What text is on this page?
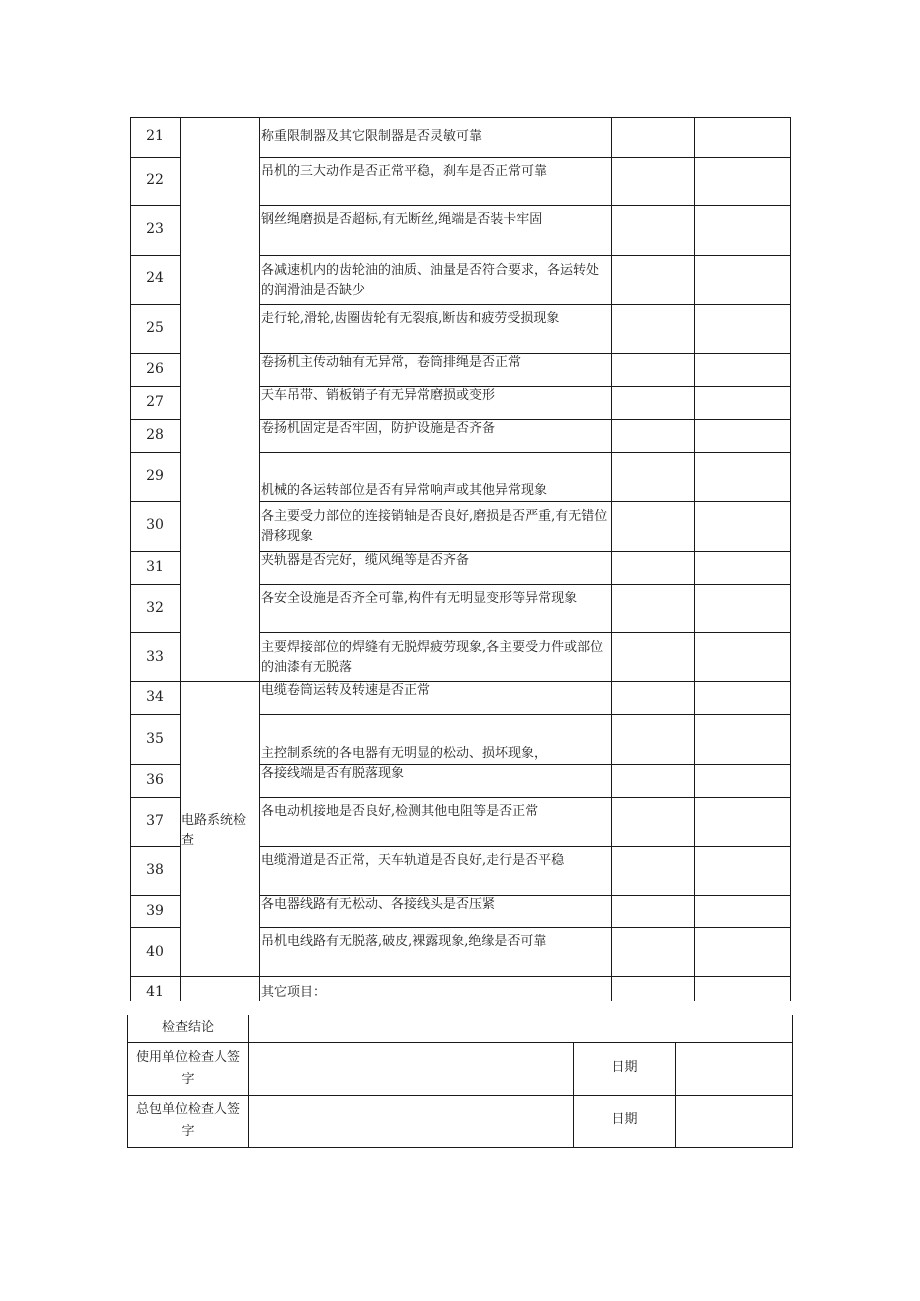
21
22
23
24
25
26
27
28
29
30
31
32
33
34
35
36
37
38
39
40
41
称重限制器及其它限制器是否灵敏可靠
吊机的三大动作是否正常平稳，刹车是否正常可靠
钢丝绳磨损是否超标,有无断丝,绳端是否装卡牢固
各减速机内的齿轮油的油质、油量是否符合要求，各运转处的润滑油是否缺少
走行轮,滑轮,齿圈齿轮有无裂痕,断齿和疲劳受损现象
卷扬机主传动轴有无异常，卷筒排绳是否正常
天车吊带、销板销子有无异常磨损或变形
卷扬机固定是否牢固，防护设施是否齐备
机械的各运转部位是否有异常响声或其他异常现象
各主要受力部位的连接销轴是否良好,磨损是否严重,有无错位滑移现象
夹轨器是否完好，缆风绳等是否齐备
各安全设施是否齐全可靠,构件有无明显变形等异常现象
主要焊接部位的焊缝有无脱焊疲劳现象,各主要受力件或部位的油漆有无脱落
电缆卷筒运转及转速是否正常
主控制系统的各电器有无明显的松动、损坏现象，
各接线端是否有脱落现象
各电动机接地是否良好,检测其他电阻等是否正常
电缆滑道是否正常，天车轨道是否良好,走行是否平稳
各电器线路有无松动、各接线头是否压紧
吊机电线路有无脱落,破皮,裸露现象,绝缘是否可靠
其它项目：
电路系统检查
检查结论
使用单位检查人签字
总包单位检查人签字
日期
日期
